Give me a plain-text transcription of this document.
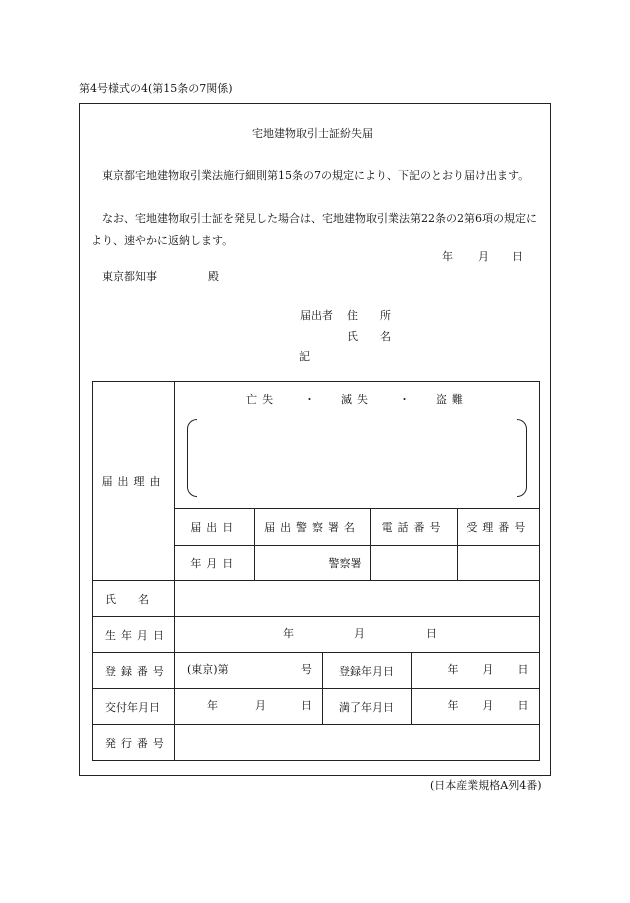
第4号様式の4(第15条の7関係)
宅地建物取引士証紛失届

東京都宅地建物取引業法施行細則第15条の7の規定により、下記のとおり届け出ます。

なお、宅地建物取引士証を発見した場合は、宅地建物取引業法第22条の2第6項の規定により、速やかに返納します。

年 月 日
東京都知事	殿
届出者 住　　所
氏　　名
記
届出理由	
亡失 ・ 滅失 ・ 盗難
届出日	届出警察署名	電話番号	受理番号
年月日	警察署		

氏　　名	
生年月日	年	月	日

登録番号	(東京)第	号	登録年月日	年 月 日

交付年月日		年	月	日	満了年月日	年 月 日

発行番号	
(日本産業規格A列4番)
